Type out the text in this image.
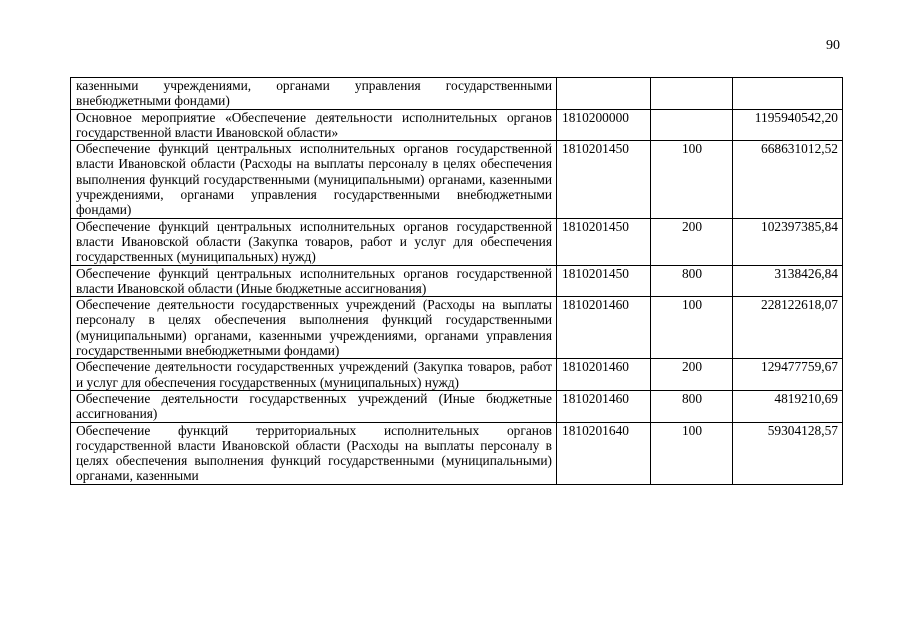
90
казенными учреждениями, органами управления государственными внебюджетными фондами)			
Основное мероприятие «Обеспечение деятельности исполнительных органов государственной власти Ивановской области»	1810200000		1195940542,20
Обеспечение функций центральных исполнительных органов государственной власти Ивановской области (Расходы на выплаты персоналу в целях обеспечения выполнения функций государственными (муниципальными) органами, казенными учреждениями, органами управления государственными внебюджетными фондами)	1810201450	100	668631012,52
Обеспечение функций центральных исполнительных органов государственной власти Ивановской области (Закупка товаров, работ и услуг для обеспечения государственных (муниципальных) нужд)	1810201450	200	102397385,84
Обеспечение функций центральных исполнительных органов государственной власти Ивановской области (Иные бюджетные ассигнования)	1810201450	800	3138426,84
Обеспечение деятельности государственных учреждений (Расходы на выплаты персоналу в целях обеспечения выполнения функций государственными (муниципальными) органами, казенными учреждениями, органами управления государственными внебюджетными фондами)	1810201460	100	228122618,07
Обеспечение деятельности государственных учреждений (Закупка товаров, работ и услуг для обеспечения государственных (муниципальных) нужд)	1810201460	200	129477759,67
Обеспечение деятельности государственных учреждений (Иные бюджетные ассигнования)	1810201460	800	4819210,69
Обеспечение функций территориальных исполнительных органов государственной власти Ивановской области (Расходы на выплаты персоналу в целях обеспечения выполнения функций государственными (муниципальными) органами, казенными	1810201640	100	59304128,57
